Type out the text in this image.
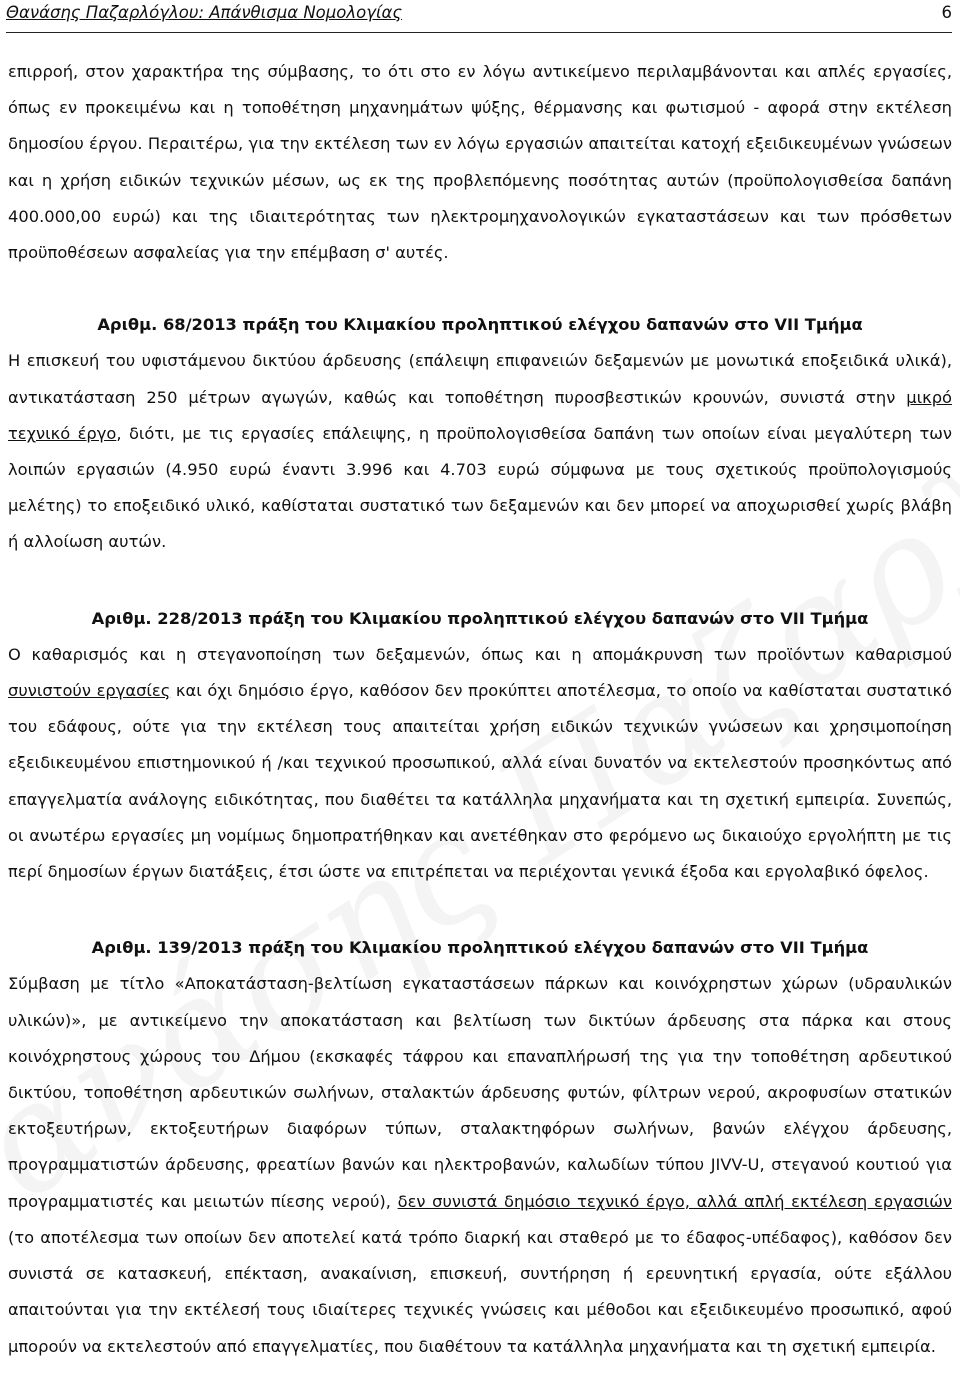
Θανάσης Παζαρλόγλου: Απάνθισμα Νομολογίας	6

επιρροή, στον χαρακτήρα της σύμβασης, το ότι στο εν λόγω αντικείμενο περιλαμβάνονται και απλές εργασίες, όπως εν προκειμένω και η τοποθέτηση μηχανημάτων ψύξης, θέρμανσης και φωτισμού - αφορά στην εκτέλεση δημοσίου έργου. Περαιτέρω, για την εκτέλεση των εν λόγω εργασιών απαιτείται κατοχή εξειδικευμένων γνώσεων και η χρήση ειδικών τεχνικών μέσων, ως εκ της προβλεπόμενης ποσότητας αυτών (προϋπολογισθείσα δαπάνη 400.000,00 ευρώ) και της ιδιαιτερότητας των ηλεκτρομηχανολογικών εγκαταστάσεων και των πρόσθετων προϋποθέσεων ασφαλείας για την επέμβαση σ' αυτές.

Αριθμ. 68/2013 πράξη του Κλιμακίου προληπτικού ελέγχου δαπανών στο VII Τμήμα

Η επισκευή του υφιστάμενου δικτύου άρδευσης (επάλειψη επιφανειών δεξαμενών με μονωτικά εποξειδικά υλικά), αντικατάσταση 250 μέτρων αγωγών, καθώς και τοποθέτηση πυροσβεστικών κρουνών, συνιστά στην μικρό τεχνικό έργο, διότι, με τις εργασίες επάλειψης, η προϋπολογισθείσα δαπάνη των οποίων είναι μεγαλύτερη των λοιπών εργασιών (4.950 ευρώ έναντι 3.996 και 4.703 ευρώ σύμφωνα με τους σχετικούς προϋπολογισμούς μελέτης) το εποξειδικό υλικό, καθίσταται συστατικό των δεξαμενών και δεν μπορεί να αποχωρισθεί χωρίς βλάβη ή αλλοίωση αυτών.

Αριθμ. 228/2013 πράξη του Κλιμακίου προληπτικού ελέγχου δαπανών στο VII Τμήμα

Ο καθαρισμός και η στεγανοποίηση των δεξαμενών, όπως και η απομάκρυνση των προϊόντων καθαρισμού συνιστούν εργασίες και όχι δημόσιο έργο, καθόσον δεν προκύπτει αποτέλεσμα, το οποίο να καθίσταται συστατικό του εδάφους, ούτε για την εκτέλεση τους απαιτείται χρήση ειδικών τεχνικών γνώσεων και χρησιμοποίηση εξειδικευμένου επιστημονικού ή /και τεχνικού προσωπικού, αλλά είναι δυνατόν να εκτελεστούν προσηκόντως από επαγγελματία ανάλογης ειδικότητας, που διαθέτει τα κατάλληλα μηχανήματα και τη σχετική εμπειρία. Συνεπώς, οι ανωτέρω εργασίες μη νομίμως δημοπρατήθηκαν και ανετέθηκαν στο φερόμενο ως δικαιούχο εργολήπτη με τις περί δημοσίων έργων διατάξεις, έτσι ώστε να επιτρέπεται να περιέχονται γενικά έξοδα και εργολαβικό όφελος.

Αριθμ. 139/2013 πράξη του Κλιμακίου προληπτικού ελέγχου δαπανών στο VII Τμήμα

Σύμβαση με τίτλο «Αποκατάσταση-βελτίωση εγκαταστάσεων πάρκων και κοινόχρηστων χώρων (υδραυλικών υλικών)», με αντικείμενο την αποκατάσταση και βελτίωση των δικτύων άρδευσης στα πάρκα και στους κοινόχρηστους χώρους του Δήμου (εκσκαφές τάφρου και επαναπλήρωσή της για την τοποθέτηση αρδευτικού δικτύου, τοποθέτηση αρδευτικών σωλήνων, σταλακτών άρδευσης φυτών, φίλτρων νερού, ακροφυσίων στατικών εκτοξευτήρων, εκτοξευτήρων διαφόρων τύπων, σταλακτηφόρων σωλήνων, βανών ελέγχου άρδευσης, προγραμματιστών άρδευσης, φρεατίων βανών και ηλεκτροβανών, καλωδίων τύπου JIVV-U, στεγανού κουτιού για προγραμματιστές και μειωτών πίεσης νερού), δεν συνιστά δημόσιο τεχνικό έργο, αλλά απλή εκτέλεση εργασιών (το αποτέλεσμα των οποίων δεν αποτελεί κατά τρόπο διαρκή και σταθερό με το έδαφος-υπέδαφος), καθόσον δεν συνιστά σε κατασκευή, επέκταση, ανακαίνιση, επισκευή, συντήρηση ή ερευνητική εργασία, ούτε εξάλλου απαιτούνται για την εκτέλεσή τους ιδιαίτερες τεχνικές γνώσεις και μέθοδοι και εξειδικευμένο προσωπικό, αφού μπορούν να εκτελεστούν από επαγγελματίες, που διαθέτουν τα κατάλληλα μηχανήματα και τη σχετική εμπειρία.
